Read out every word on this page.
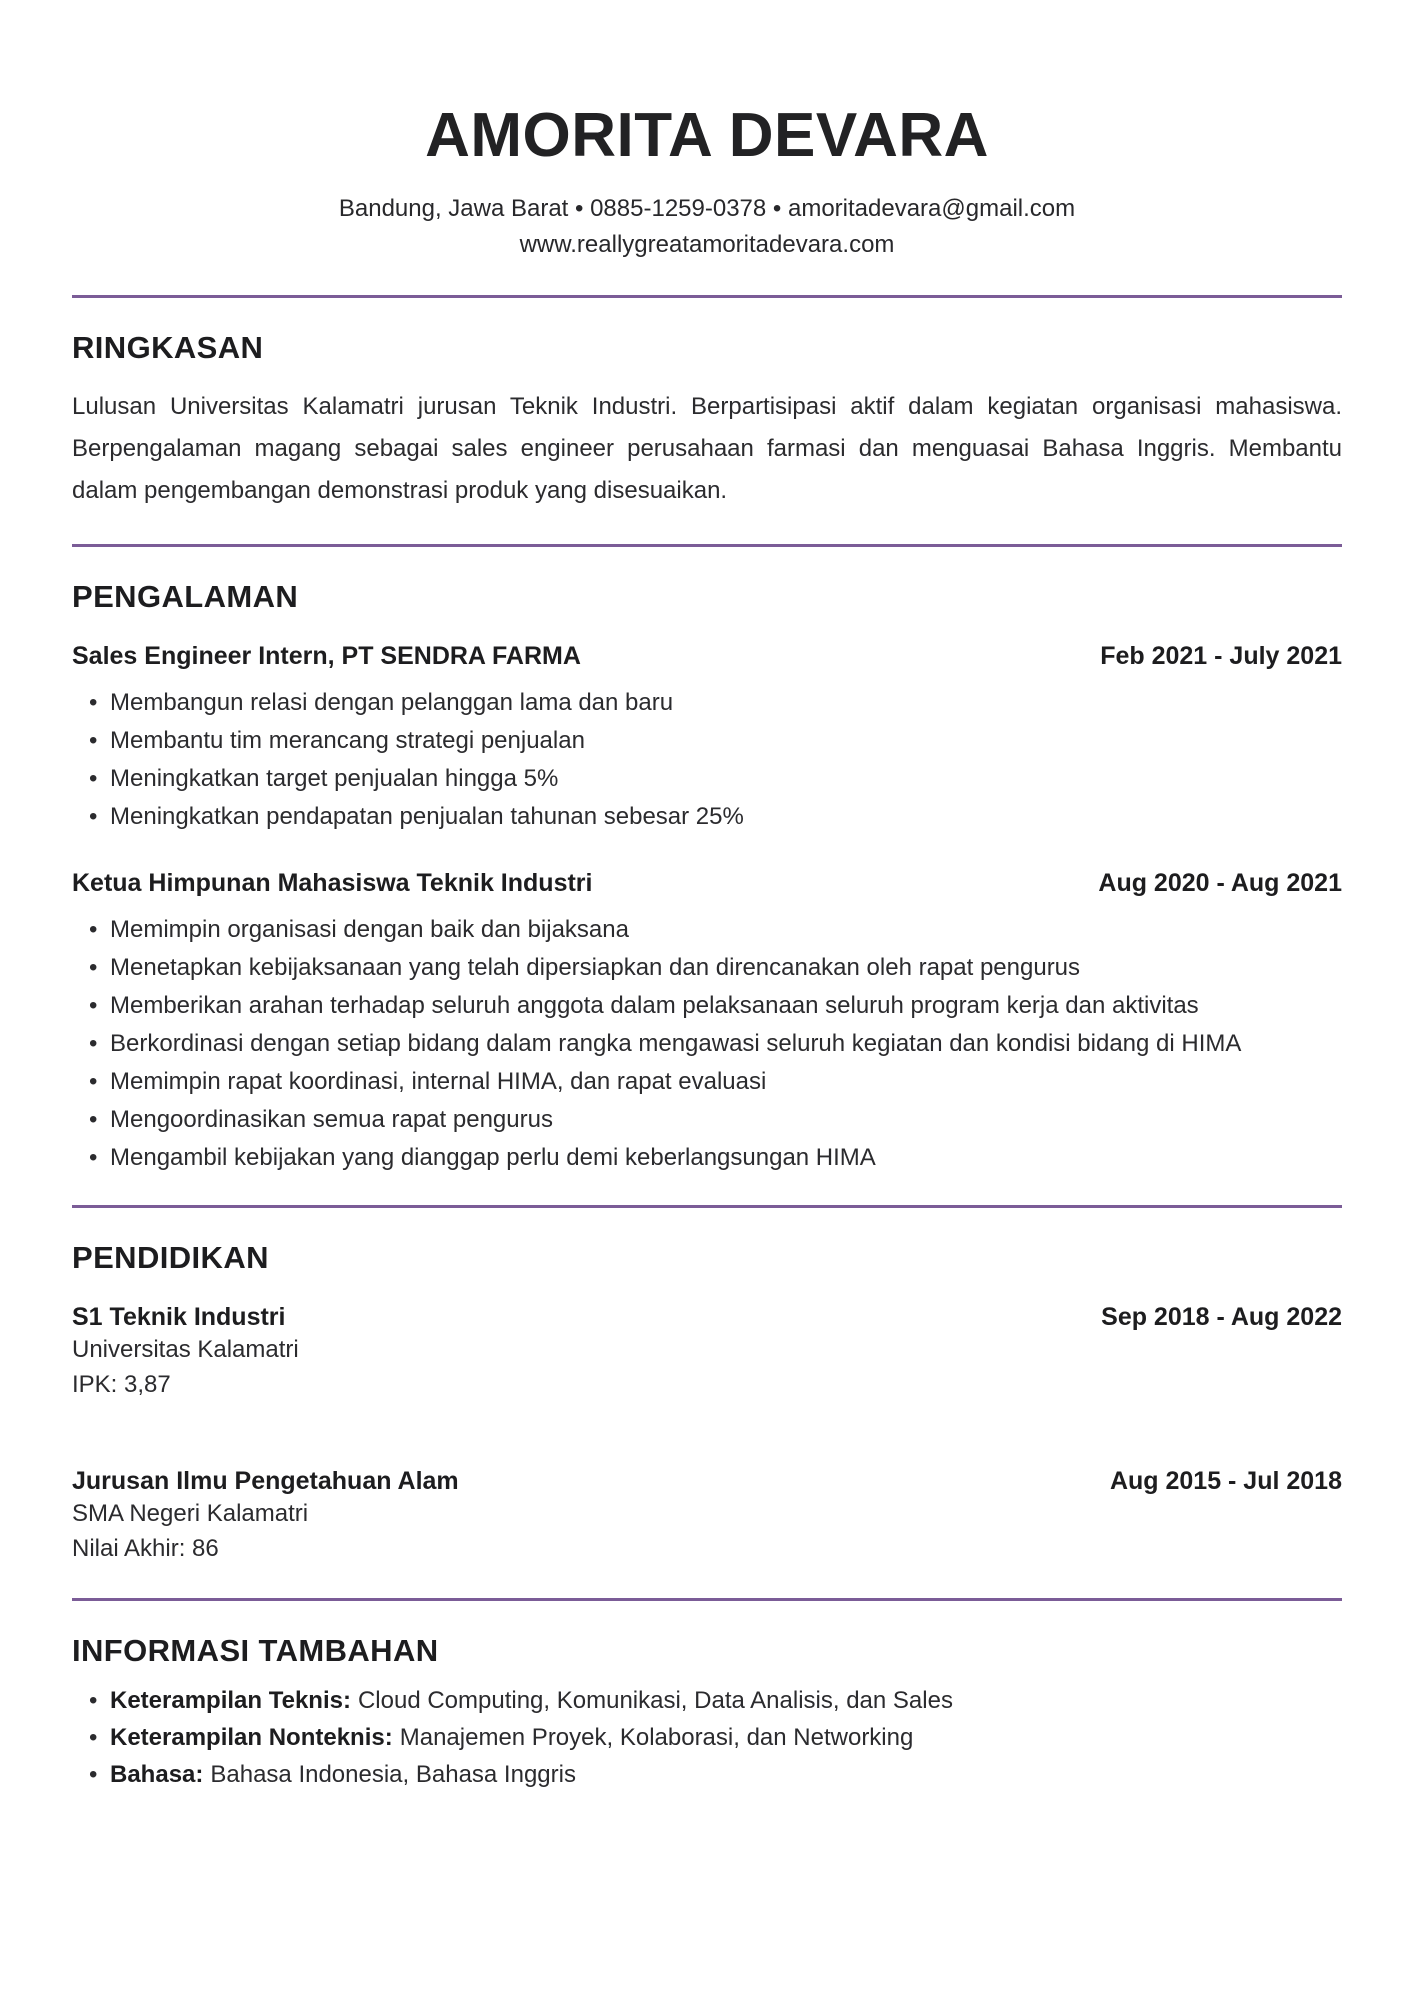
AMORITA DEVARA
Bandung, Jawa Barat • 0885-1259-0378 • amoritadevara@gmail.com
www.reallygreatamoritadevara.com
RINGKASAN

Lulusan Universitas Kalamatri jurusan Teknik Industri. Berpartisipasi aktif dalam kegiatan organisasi mahasiswa. Berpengalaman magang sebagai sales engineer perusahaan farmasi dan menguasai Bahasa Inggris. Membantu dalam pengembangan demonstrasi produk yang disesuaikan.

PENGALAMAN
Sales Engineer Intern, PT SENDRA FARMA	Feb 2021 - July 2021
• Membangun relasi dengan pelanggan lama dan baru
• Membantu tim merancang strategi penjualan
• Meningkatkan target penjualan hingga 5%
• Meningkatkan pendapatan penjualan tahunan sebesar 25%
Ketua Himpunan Mahasiswa Teknik Industri	Aug 2020 - Aug 2021
• Memimpin organisasi dengan baik dan bijaksana
• Menetapkan kebijaksanaan yang telah dipersiapkan dan direncanakan oleh rapat pengurus
• Memberikan arahan terhadap seluruh anggota dalam pelaksanaan seluruh program kerja dan aktivitas
• Berkordinasi dengan setiap bidang dalam rangka mengawasi seluruh kegiatan dan kondisi bidang di HIMA
• Memimpin rapat koordinasi, internal HIMA, dan rapat evaluasi
• Mengoordinasikan semua rapat pengurus
• Mengambil kebijakan yang dianggap perlu demi keberlangsungan HIMA
PENDIDIKAN
S1 Teknik Industri	Sep 2018 - Aug 2022
Universitas Kalamatri
IPK: 3,87
Jurusan Ilmu Pengetahuan Alam	Aug 2015 - Jul 2018
SMA Negeri Kalamatri
Nilai Akhir: 86
INFORMASI TAMBAHAN
• Keterampilan Teknis: Cloud Computing, Komunikasi, Data Analisis, dan Sales
• Keterampilan Nonteknis: Manajemen Proyek, Kolaborasi, dan Networking
• Bahasa: Bahasa Indonesia, Bahasa Inggris
